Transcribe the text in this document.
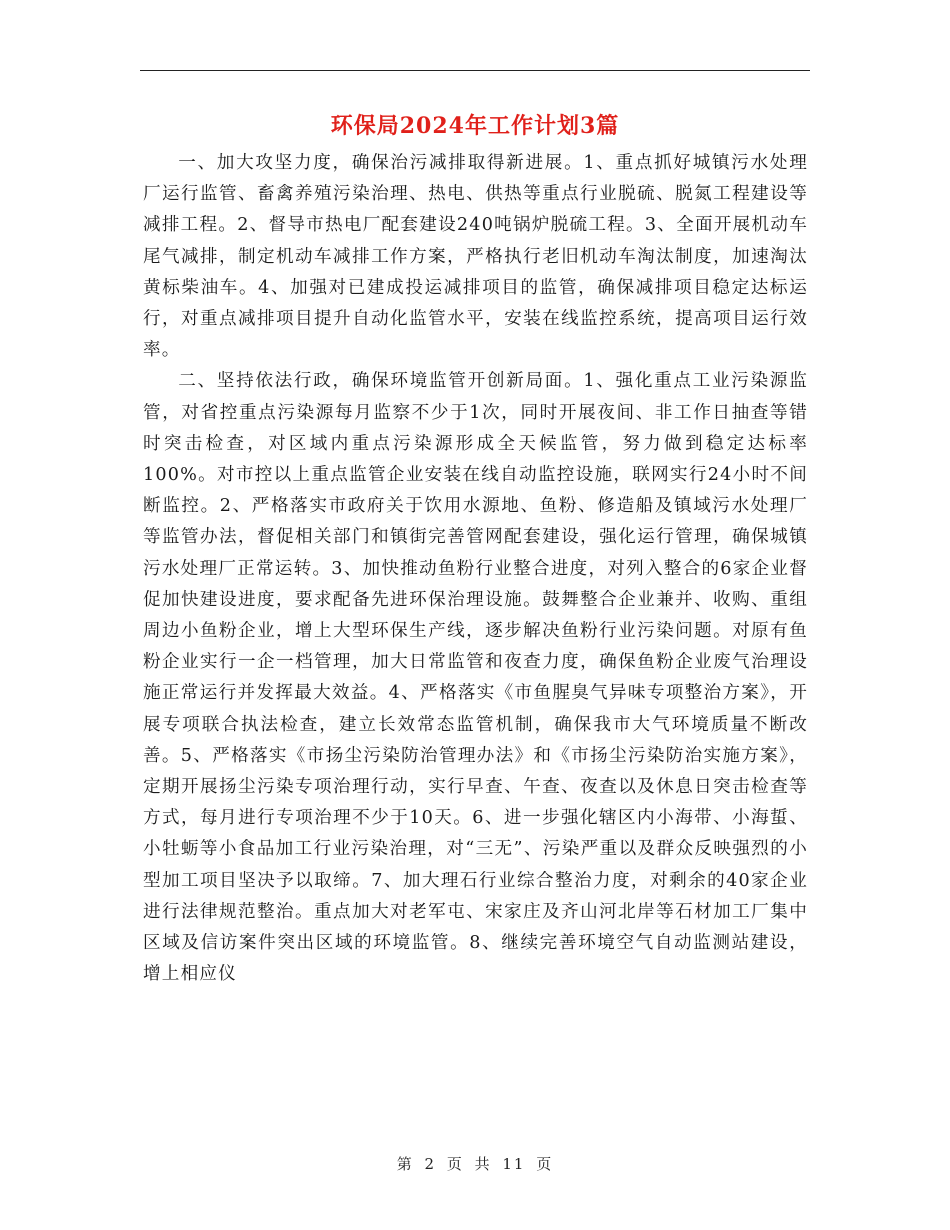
环保局2024年工作计划3篇

一、加大攻坚力度，确保治污减排取得新进展。1、重点抓好城镇污水处理厂运行监管、畜禽养殖污染治理、热电、供热等重点行业脱硫、脱氮工程建设等减排工程。2、督导市热电厂配套建设240吨锅炉脱硫工程。3、全面开展机动车尾气减排，制定机动车减排工作方案，严格执行老旧机动车淘汰制度，加速淘汰黄标柴油车。4、加强对已建成投运减排项目的监管，确保减排项目稳定达标运行，对重点减排项目提升自动化监管水平，安装在线监控系统，提高项目运行效率。

二、坚持依法行政，确保环境监管开创新局面。1、强化重点工业污染源监管，对省控重点污染源每月监察不少于1次，同时开展夜间、非工作日抽查等错时突击检查，对区域内重点污染源形成全天候监管，努力做到稳定达标率100%。对市控以上重点监管企业安装在线自动监控设施，联网实行24小时不间断监控。2、严格落实市政府关于饮用水源地、鱼粉、修造船及镇域污水处理厂等监管办法，督促相关部门和镇街完善管网配套建设，强化运行管理，确保城镇污水处理厂正常运转。3、加快推动鱼粉行业整合进度，对列入整合的6家企业督促加快建设进度，要求配备先进环保治理设施。鼓舞整合企业兼并、收购、重组周边小鱼粉企业，增上大型环保生产线，逐步解决鱼粉行业污染问题。对原有鱼粉企业实行一企一档管理，加大日常监管和夜查力度，确保鱼粉企业废气治理设施正常运行并发挥最大效益。4、严格落实《市鱼腥臭气异味专项整治方案》，开展专项联合执法检查，建立长效常态监管机制，确保我市大气环境质量不断改善。5、严格落实《市扬尘污染防治管理办法》和《市扬尘污染防治实施方案》，定期开展扬尘污染专项治理行动，实行早查、午查、夜查以及休息日突击检查等方式，每月进行专项治理不少于10天。6、进一步强化辖区内小海带、小海蜇、小牡蛎等小食品加工行业污染治理，对“三无”、污染严重以及群众反映强烈的小型加工项目坚决予以取缔。7、加大理石行业综合整治力度，对剩余的40家企业进行法律规范整治。重点加大对老军屯、宋家庄及齐山河北岸等石材加工厂集中区域及信访案件突出区域的环境监管。8、继续完善环境空气自动监测站建设，增上相应仪

第 2 页 共 11 页
